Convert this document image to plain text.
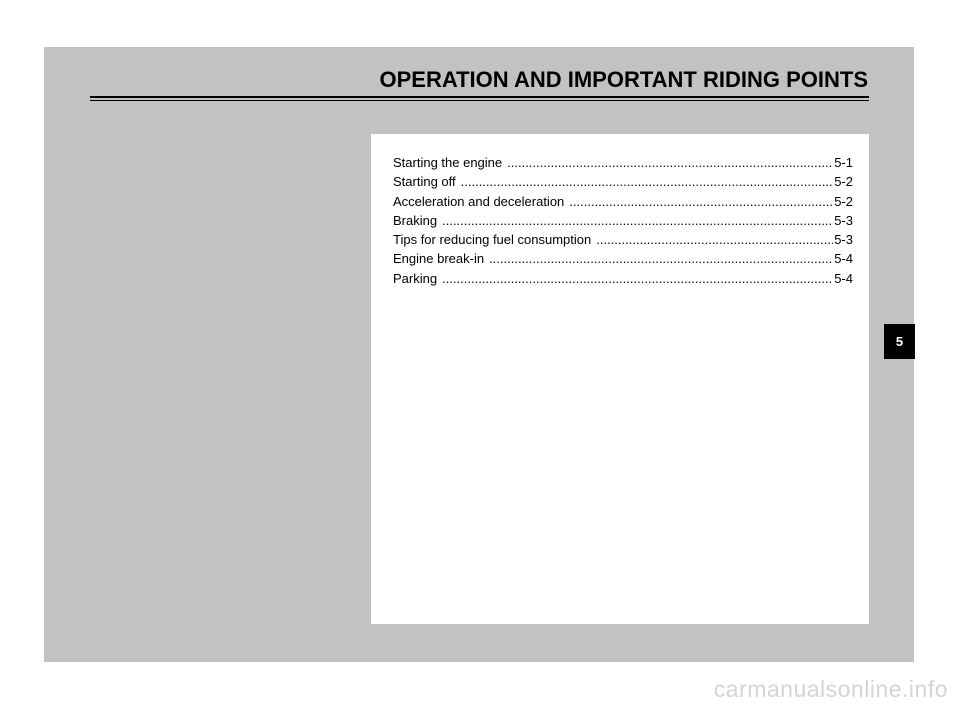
OPERATION AND IMPORTANT RIDING POINTS
Starting the engine .....	5-1
Starting off .....	5-2
Acceleration and deceleration .....	5-2
Braking .....	5-3
Tips for reducing fuel consumption .....	5-3
Engine break-in .....	5-4
Parking .....	5-4
5
carmanualsonline.info
